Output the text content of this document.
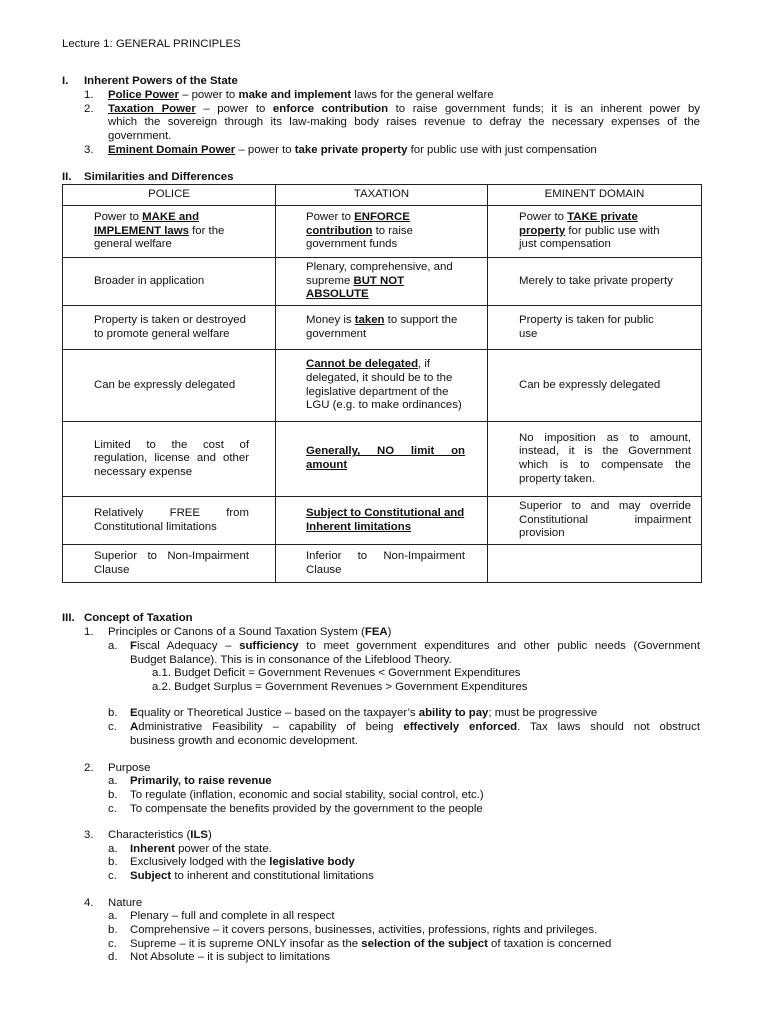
Lecture 1: GENERAL PRINCIPLES
I. Inherent Powers of the State
1. Police Power – power to make and implement laws for the general welfare
2. Taxation Power – power to enforce contribution to raise government funds; it is an inherent power by
which the sovereign through its law-making body raises revenue to defray the necessary expenses of the
government.
3. Eminent Domain Power – power to take private property for public use with just compensation
II. Similarities and Differences
POLICE	TAXATION	EMINENT DOMAIN
Power to MAKE and
IMPLEMENT laws for the
general welfare	Power to ENFORCE
contribution to raise
government funds	Power to TAKE private
property for public use with
just compensation
Broader in application	Plenary, comprehensive, and
supreme BUT NOT
ABSOLUTE	Merely to take private property
Property is taken or destroyed
to promote general welfare	Money is taken to support the
government	Property is taken for public
use
Can be expressly delegated	Cannot be delegated, if
delegated, it should be to the
legislative department of the
LGU (e.g. to make ordinances)	Can be expressly delegated

Limited to the cost of
regulation, license and other
necessary expense	Generally, NO limit on
amount	No imposition as to amount,
instead, it is the Government
which is to compensate the
property taken.

Relatively FREE from
Constitutional limitations	Subject to Constitutional and
Inherent limitations	Superior to and may override
Constitutional impairment
provision

Superior to Non-Impairment
Clause	Inferior to Non-Impairment
Clause	

III. Concept of Taxation
1. Principles or Canons of a Sound Taxation System (FEA)
a. Fiscal Adequacy – sufficiency to meet government expenditures and other public needs (Government
Budget Balance). This is in consonance of the Lifeblood Theory.
a.1. Budget Deficit = Government Revenues < Government Expenditures
a.2. Budget Surplus = Government Revenues > Government Expenditures
b. Equality or Theoretical Justice – based on the taxpayer’s ability to pay; must be progressive
c. Administrative Feasibility – capability of being effectively enforced. Tax laws should not obstruct
business growth and economic development.
2. Purpose
a. Primarily, to raise revenue
b. To regulate (inflation, economic and social stability, social control, etc.)
c. To compensate the benefits provided by the government to the people
3. Characteristics (ILS)
a. Inherent power of the state.
b. Exclusively lodged with the legislative body
c. Subject to inherent and constitutional limitations
4. Nature
a. Plenary – full and complete in all respect
b. Comprehensive – it covers persons, businesses, activities, professions, rights and privileges.
c. Supreme – it is supreme ONLY insofar as the selection of the subject of taxation is concerned
d. Not Absolute – it is subject to limitations
